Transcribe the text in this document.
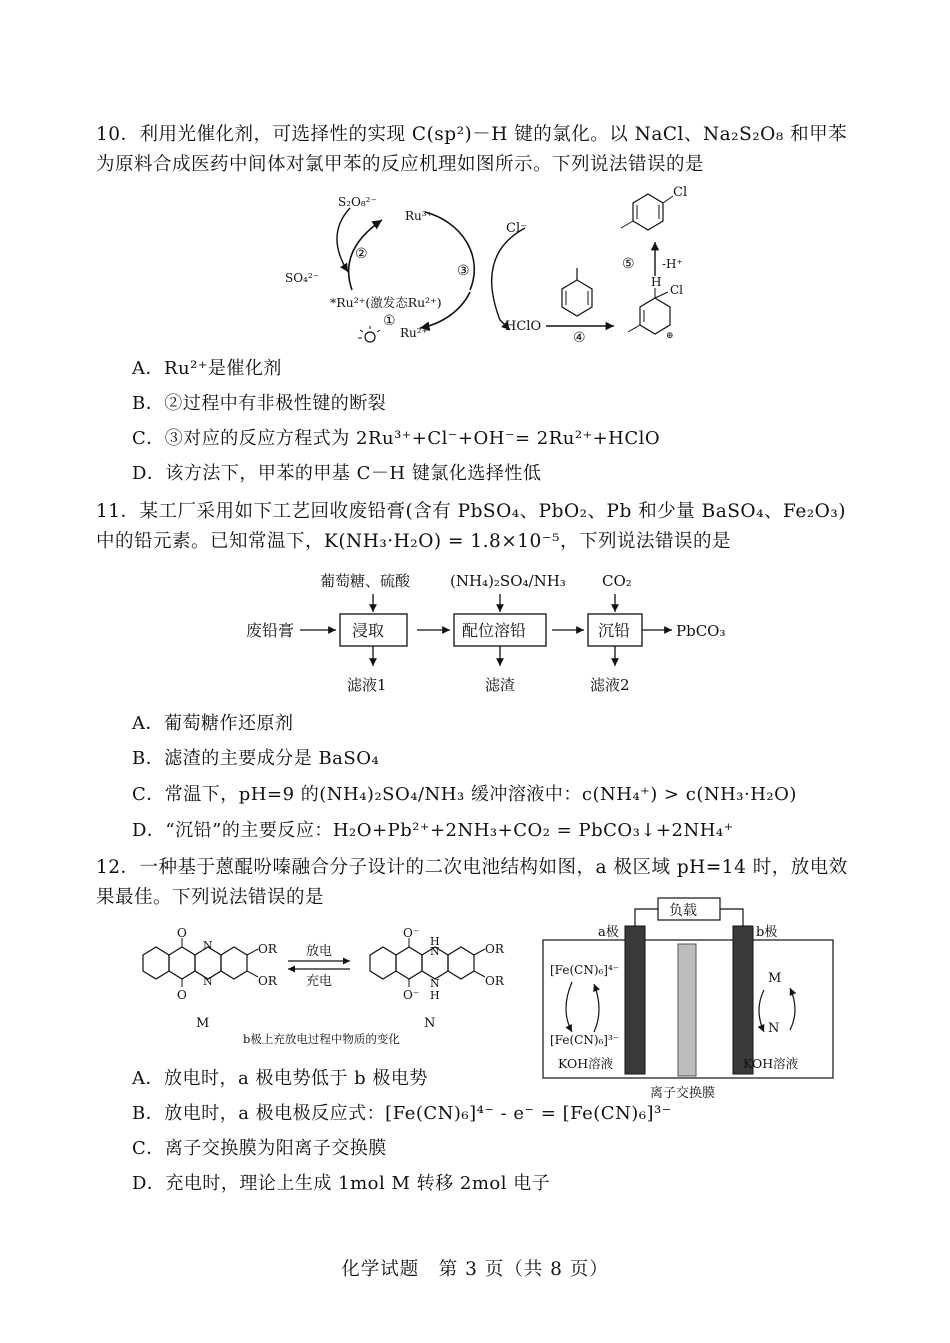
10．利用光催化剂，可选择性的实现 C(sp²)－H 键的氯化。以 NaCl、Na₂S₂O₈ 和甲苯为原料合成医药中间体对氯甲苯的反应机理如图所示。下列说法错误的是
S₂O₈²⁻
Ru³⁺
SO₄²⁻
②
③
Cl⁻
*Ru²⁺(激发态Ru²⁺)
①
Ru²⁺	HClO
④
H
Cl
⊕
⑤ -H⁺
Cl
A．Ru²⁺是催化剂
B．②过程中有非极性键的断裂
C．③对应的反应方程式为 2Ru³⁺+Cl⁻+OH⁻= 2Ru²⁺+HClO
D．该方法下，甲苯的甲基 C－H 键氯化选择性低
11．某工厂采用如下工艺回收废铅膏(含有 PbSO₄、PbO₂、Pb 和少量 BaSO₄、Fe₂O₃)中的铅元素。已知常温下，K(NH₃·H₂O) = 1.8×10⁻⁵，下列说法错误的是
葡萄糖、硫酸	(NH₄)₂SO₄/NH₃ CO₂
废铅膏	浸取	配位溶铅	沉铅	PbCO₃
滤液1	滤渣	滤液2
A．葡萄糖作还原剂
B．滤渣的主要成分是 BaSO₄
C．常温下，pH=9 的(NH₄)₂SO₄/NH₃ 缓冲溶液中：c(NH₄⁺) > c(NH₃·H₂O)
D．“沉铅”的主要反应：H₂O+Pb²⁺+2NH₃+CO₂ = PbCO₃↓+2NH₄⁺
12．一种基于蒽醌吩嗪融合分子设计的二次电池结构如图，a 极区域 pH=14 时，放电效果最佳。下列说法错误的是
O
O
N
N
OR
OR
M
放电
充电
O⁻
O⁻
H
N
N
H
OR
OR
N
b极上充放电过程中物质的变化
负载
a极	b极
[Fe(CN)₆]⁴⁻
[Fe(CN)₆]³⁻
KOH溶液
M
N
KOH溶液
离子交换膜
A．放电时，a 极电势低于 b 极电势
B．放电时，a 极电极反应式：[Fe(CN)₆]⁴⁻ - e⁻ = [Fe(CN)₆]³⁻
C．离子交换膜为阳离子交换膜
D．充电时，理论上生成 1mol M 转移 2mol 电子
化学试题　第 3 页（共 8 页）
